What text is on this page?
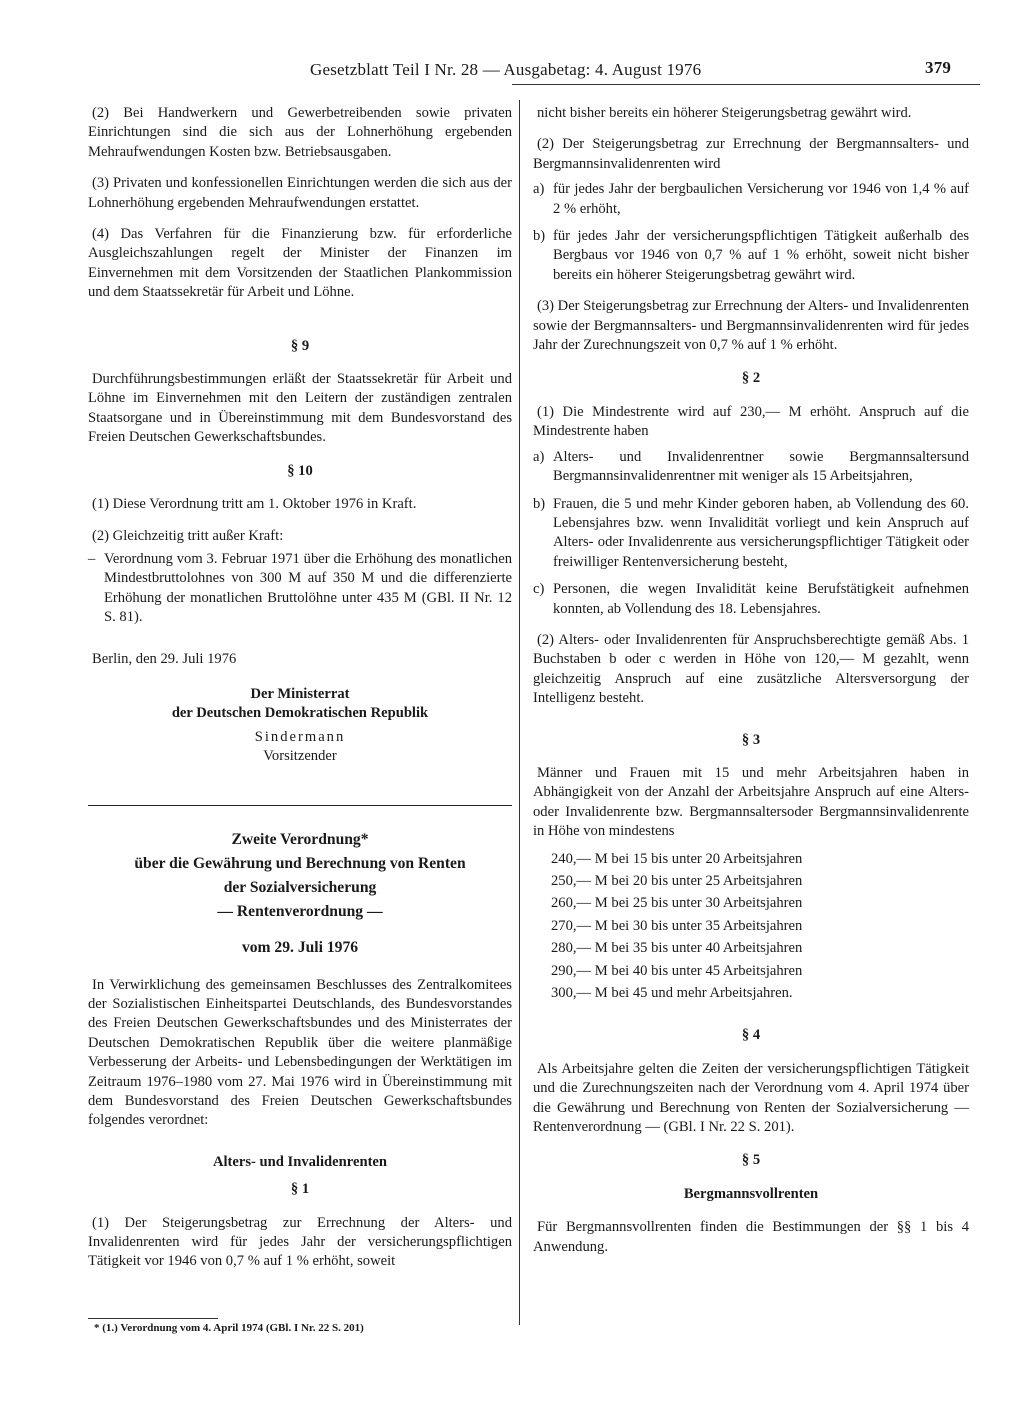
Gesetzblatt Teil I Nr. 28 — Ausgabetag: 4. August 1976	379

(2) Bei Handwerkern und Gewerbetreibenden sowie privaten Einrichtungen sind die sich aus der Lohnerhöhung ergebenden Mehraufwendungen Kosten bzw. Betriebsausgaben.

(3) Privaten und konfessionellen Einrichtungen werden die sich aus der Lohnerhöhung ergebenden Mehraufwendungen erstattet.

(4) Das Verfahren für die Finanzierung bzw. für erforderliche Ausgleichszahlungen regelt der Minister der Finanzen im Einvernehmen mit dem Vorsitzenden der Staatlichen Plankommission und dem Staatssekretär für Arbeit und Löhne.

§ 9

Durchführungsbestimmungen erläßt der Staatssekretär für Arbeit und Löhne im Einvernehmen mit den Leitern der zuständigen zentralen Staatsorgane und in Übereinstimmung mit dem Bundesvorstand des Freien Deutschen Gewerkschaftsbundes.

§ 10

(1) Diese Verordnung tritt am 1. Oktober 1976 in Kraft.

(2) Gleichzeitig tritt außer Kraft:

– Verordnung vom 3. Februar 1971 über die Erhöhung des monatlichen Mindestbruttolohnes von 300 M auf 350 M und die differenzierte Erhöhung der monatlichen Bruttolöhne unter 435 M (GBl. II Nr. 12 S. 81).

Berlin, den 29. Juli 1976

Der Ministerrat
der Deutschen Demokratischen Republik
Sindermann
Vorsitzender
Zweite Verordnung*
über die Gewährung und Berechnung von Renten
der Sozialversicherung
— Rentenverordnung —
vom 29. Juli 1976

In Verwirklichung des gemeinsamen Beschlusses des Zentralkomitees der Sozialistischen Einheitspartei Deutschlands, des Bundesvorstandes des Freien Deutschen Gewerkschaftsbundes und des Ministerrates der Deutschen Demokratischen Republik über die weitere planmäßige Verbesserung der Arbeits- und Lebensbedingungen der Werktätigen im Zeitraum 1976–1980 vom 27. Mai 1976 wird in Übereinstimmung mit dem Bundesvorstand des Freien Deutschen Gewerkschaftsbundes folgendes verordnet:

Alters- und Invalidenrenten
§ 1

(1) Der Steigerungsbetrag zur Errechnung der Alters- und Invalidenrenten wird für jedes Jahr der versicherungspflichtigen Tätigkeit vor 1946 von 0,7 % auf 1 % erhöht, soweit

nicht bisher bereits ein höherer Steigerungsbetrag gewährt wird.

(2) Der Steigerungsbetrag zur Errechnung der Bergmannsalters- und Bergmannsinvalidenrenten wird

a) für jedes Jahr der bergbaulichen Versicherung vor 1946 von 1,4 % auf 2 % erhöht,
b) für jedes Jahr der versicherungspflichtigen Tätigkeit außerhalb des Bergbaus vor 1946 von 0,7 % auf 1 % erhöht, soweit nicht bisher bereits ein höherer Steigerungsbetrag gewährt wird.

(3) Der Steigerungsbetrag zur Errechnung der Alters- und Invalidenrenten sowie der Bergmannsalters- und Bergmannsinvalidenrenten wird für jedes Jahr der Zurechnungszeit von 0,7 % auf 1 % erhöht.

§ 2

(1) Die Mindestrente wird auf 230,— M erhöht. Anspruch auf die Mindestrente haben

a) Alters- und Invalidenrentner sowie Bergmannsaltersund Bergmannsinvalidenrentner mit weniger als 15 Arbeitsjahren,
b) Frauen, die 5 und mehr Kinder geboren haben, ab Vollendung des 60. Lebensjahres bzw. wenn Invalidität vorliegt und kein Anspruch auf Alters- oder Invalidenrente aus versicherungspflichtiger Tätigkeit oder freiwilliger Rentenversicherung besteht,
c) Personen, die wegen Invalidität keine Berufstätigkeit aufnehmen konnten, ab Vollendung des 18. Lebensjahres.

(2) Alters- oder Invalidenrenten für Anspruchsberechtigte gemäß Abs. 1 Buchstaben b oder c werden in Höhe von 120,— M gezahlt, wenn gleichzeitig Anspruch auf eine zusätzliche Altersversorgung der Intelligenz besteht.

§ 3

Männer und Frauen mit 15 und mehr Arbeitsjahren haben in Abhängigkeit von der Anzahl der Arbeitsjahre Anspruch auf eine Alters- oder Invalidenrente bzw. Bergmannsaltersoder Bergmannsinvalidenrente in Höhe von mindestens

240,— M bei 15 bis unter 20 Arbeitsjahren
250,— M bei 20 bis unter 25 Arbeitsjahren
260,— M bei 25 bis unter 30 Arbeitsjahren
270,— M bei 30 bis unter 35 Arbeitsjahren
280,— M bei 35 bis unter 40 Arbeitsjahren
290,— M bei 40 bis unter 45 Arbeitsjahren
300,— M bei 45 und mehr Arbeitsjahren.
§ 4

Als Arbeitsjahre gelten die Zeiten der versicherungspflichtigen Tätigkeit und die Zurechnungszeiten nach der Verordnung vom 4. April 1974 über die Gewährung und Berechnung von Renten der Sozialversicherung — Rentenverordnung — (GBl. I Nr. 22 S. 201).

§ 5
Bergmannsvollrenten

Für Bergmannsvollrenten finden die Bestimmungen der §§ 1 bis 4 Anwendung.

* (1.) Verordnung vom 4. April 1974 (GBl. I Nr. 22 S. 201)
